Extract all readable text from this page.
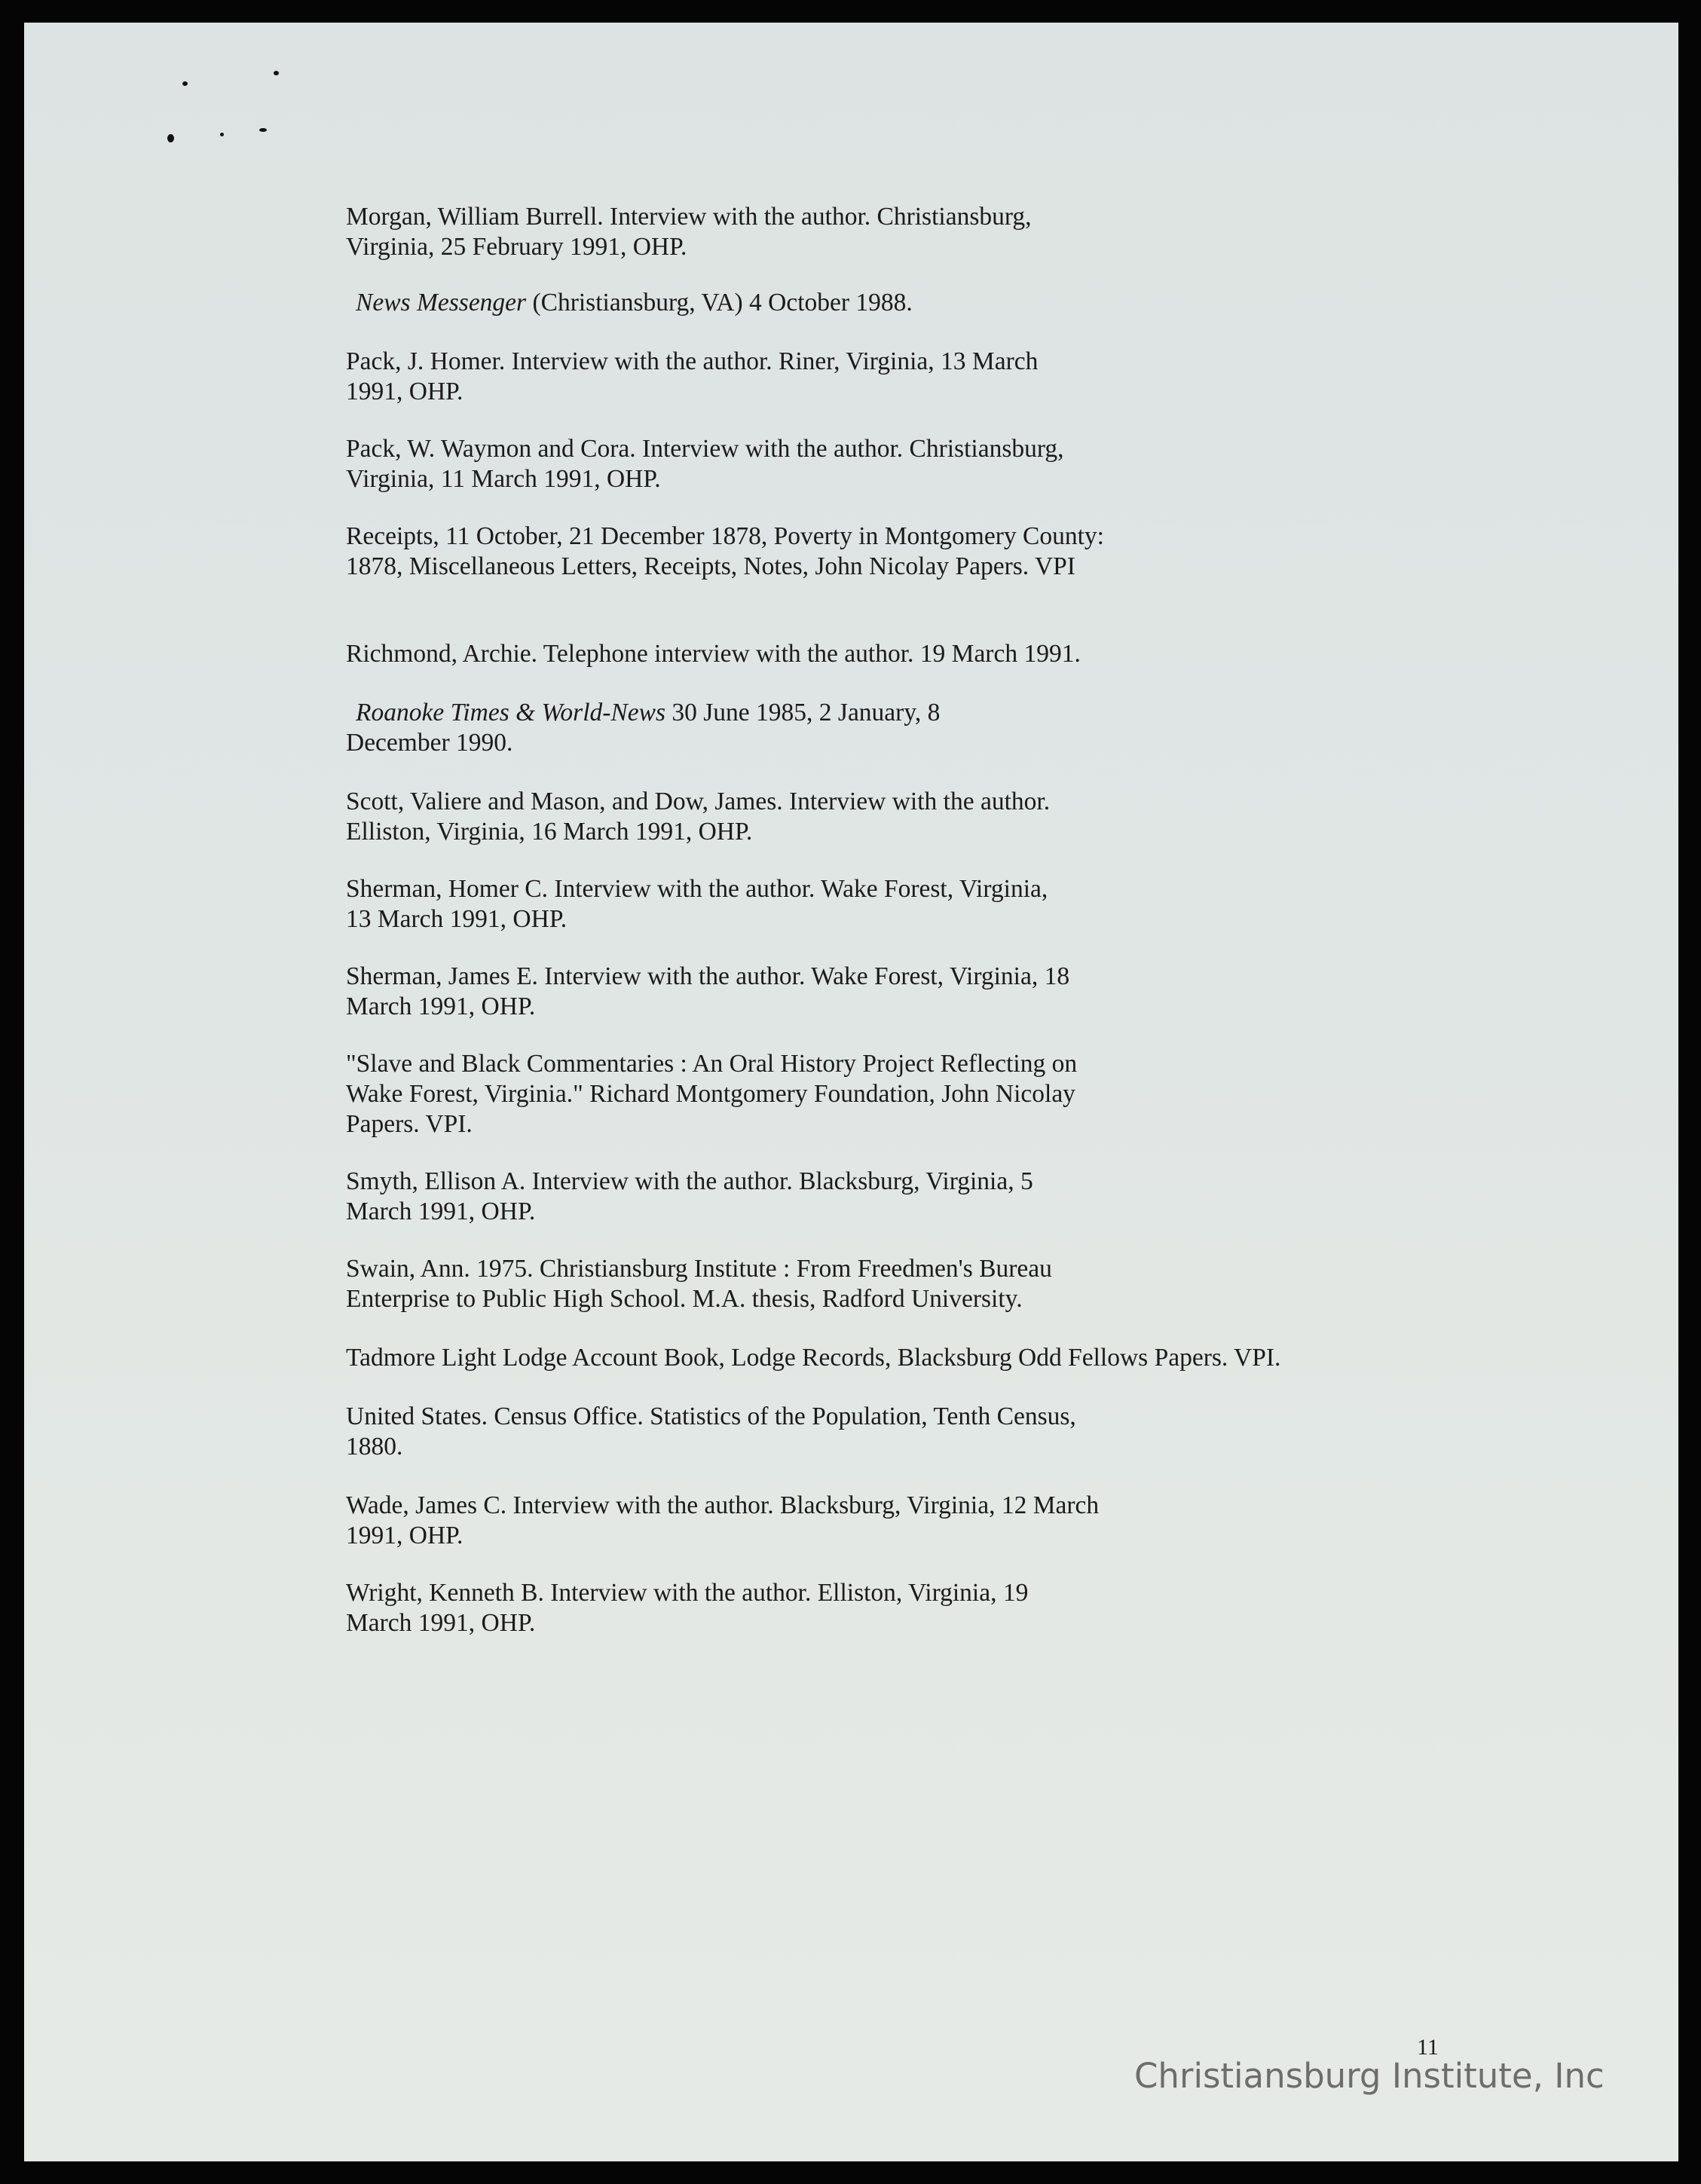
Morgan, William Burrell. Interview with the author. Christiansburg,
Virginia, 25 February 1991, OHP.

News Messenger (Christiansburg, VA) 4 October 1988.

Pack, J. Homer. Interview with the author. Riner, Virginia, 13 March
1991, OHP.

Pack, W. Waymon and Cora. Interview with the author. Christiansburg,
Virginia, 11 March 1991, OHP.

Receipts, 11 October, 21 December 1878, Poverty in Montgomery County:
1878, Miscellaneous Letters, Receipts, Notes, John Nicolay Papers. VPI

Richmond, Archie. Telephone interview with the author. 19 March 1991.

Roanoke Times & World-News 30 June 1985, 2 January, 8

December 1990.

Scott, Valiere and Mason, and Dow, James. Interview with the author.
Elliston, Virginia, 16 March 1991, OHP.

Sherman, Homer C. Interview with the author. Wake Forest, Virginia,
13 March 1991, OHP.

Sherman, James E. Interview with the author. Wake Forest, Virginia, 18
March 1991, OHP.

"Slave and Black Commentaries : An Oral History Project Reflecting on
Wake Forest, Virginia." Richard Montgomery Foundation, John Nicolay
Papers. VPI.

Smyth, Ellison A. Interview with the author. Blacksburg, Virginia, 5
March 1991, OHP.

Swain, Ann. 1975. Christiansburg Institute : From Freedmen's Bureau
Enterprise to Public High School. M.A. thesis, Radford University.

Tadmore Light Lodge Account Book, Lodge Records, Blacksburg Odd Fellows Papers. VPI.

United States. Census Office. Statistics of the Population, Tenth Census,
1880.

Wade, James C. Interview with the author. Blacksburg, Virginia, 12 March
1991, OHP.

Wright, Kenneth B. Interview with the author. Elliston, Virginia, 19
March 1991, OHP.

11
Christiansburg Institute, Inc
